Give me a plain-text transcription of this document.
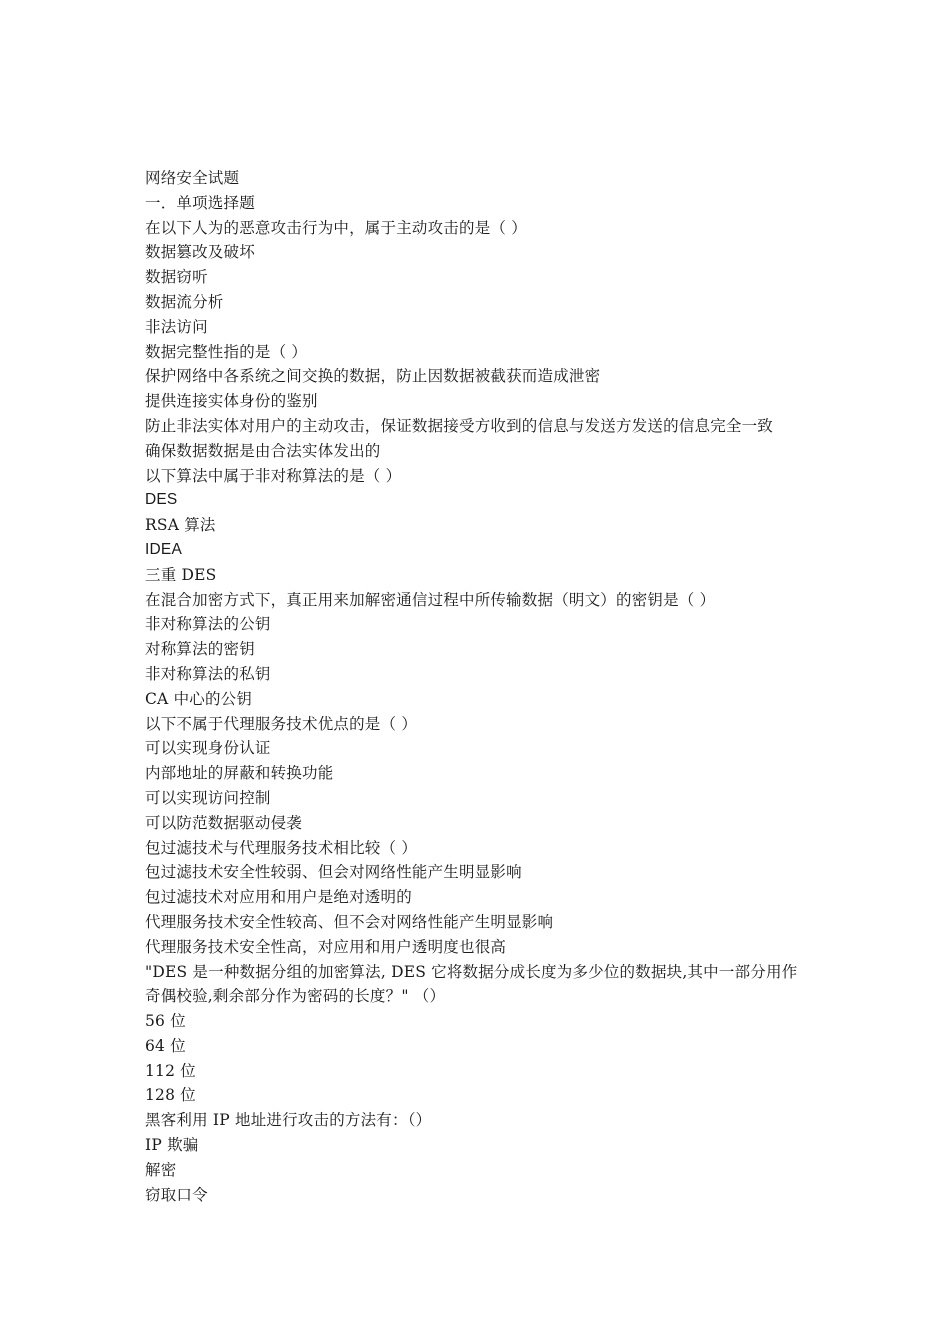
网络安全试题
一．单项选择题
在以下人为的恶意攻击行为中，属于主动攻击的是（ ）
数据篡改及破坏
数据窃听
数据流分析
非法访问
数据完整性指的是（ ）
保护网络中各系统之间交换的数据，防止因数据被截获而造成泄密
提供连接实体身份的鉴别
防止非法实体对用户的主动攻击，保证数据接受方收到的信息与发送方发送的信息完全一致
确保数据数据是由合法实体发出的
以下算法中属于非对称算法的是（ ）
DES
RSA 算法
IDEA
三重 DES
在混合加密方式下，真正用来加解密通信过程中所传输数据（明文）的密钥是（ ）
非对称算法的公钥
对称算法的密钥
非对称算法的私钥
CA 中心的公钥
以下不属于代理服务技术优点的是（ ）
可以实现身份认证
内部地址的屏蔽和转换功能
可以实现访问控制
可以防范数据驱动侵袭
包过滤技术与代理服务技术相比较（ ）
包过滤技术安全性较弱、但会对网络性能产生明显影响
包过滤技术对应用和用户是绝对透明的
代理服务技术安全性较高、但不会对网络性能产生明显影响
代理服务技术安全性高，对应用和用户透明度也很高
"DES 是一种数据分组的加密算法, DES 它将数据分成长度为多少位的数据块,其中一部分用作
奇偶校验,剩余部分作为密码的长度？" （）
56 位
64 位
112 位
128 位
黑客利用 IP 地址进行攻击的方法有：（）
IP 欺骗
解密
窃取口令
